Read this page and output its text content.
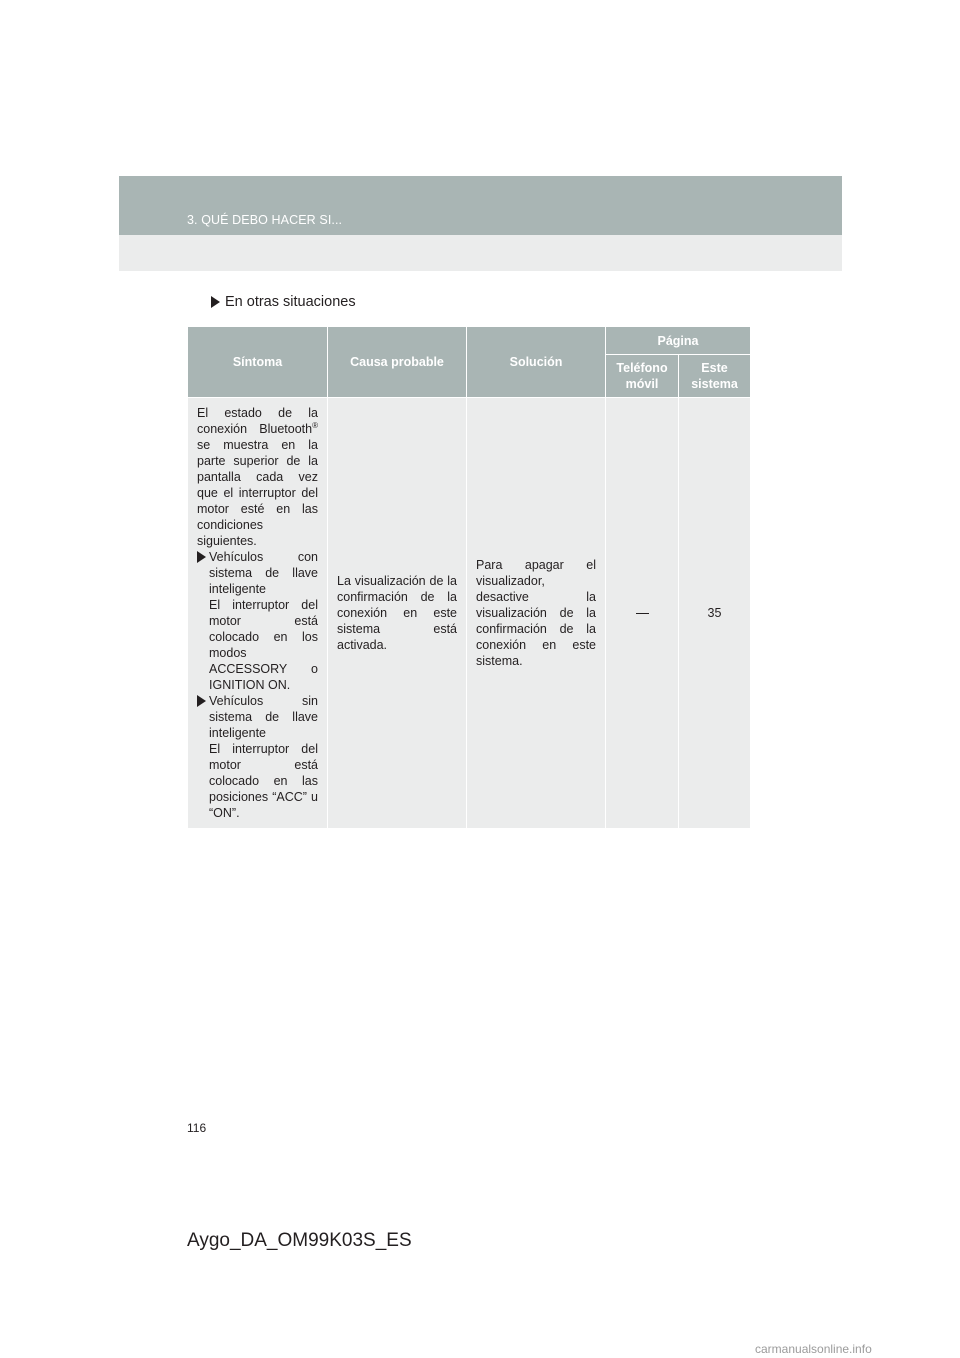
3. QUÉ DEBO HACER SI...
En otras situaciones
Síntoma	Causa probable	Solución	Página	
			Teléfono móvil	Este sistema

El estado de la conexión Bluetooth® se muestra en la parte superior de la pantalla cada vez que el interruptor del motor esté en las condiciones siguientes.
Vehículos con sistema de llave inteligente
El interruptor del motor está colocado en los modos ACCESSORY o IGNITION ON.
Vehículos sin sistema de llave inteligente
El interruptor del motor está colocado en las posiciones “ACC” u “ON”.	La visualización de la confirmación de la conexión en este sistema está activada.	Para apagar el visualizador, desactive la visualización de la confirmación de la conexión en este sistema.		35
116
Aygo_DA_OM99K03S_ES
carmanualsonline.info
